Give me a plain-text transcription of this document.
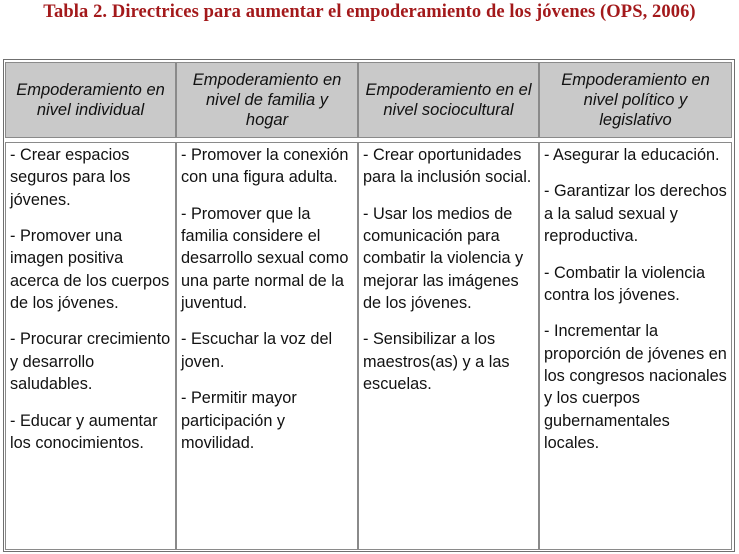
Tabla 2. Directrices para aumentar el empoderamiento de los jóvenes (OPS, 2006)
Empoderamiento en nivel individual
Empoderamiento en nivel de familia y hogar
Empoderamiento en el nivel sociocultural
Empoderamiento en nivel político y legislativo
- Crear espacios seguros para los jóvenes.
- Promover una imagen positiva acerca de los cuerpos de los jóvenes.
- Procurar crecimiento y desarrollo saludables.
- Educar y aumentar los conocimientos.
- Promover la conexión con una figura adulta.
- Promover que la familia considere el desarrollo sexual como una parte normal de la juventud.
- Escuchar la voz del joven.
- Permitir mayor participación y movilidad.
- Crear oportunidades para la inclusión social.
- Usar los medios de comunicación para combatir la violencia y mejorar las imágenes de los jóvenes.
- Sensibilizar a los maestros(as) y a las escuelas.
- Asegurar la educación.
- Garantizar los derechos a la salud sexual y reproductiva.
- Combatir la violencia contra los jóvenes.
- Incrementar la proporción de jóvenes en los congresos nacionales y los cuerpos gubernamentales locales.
